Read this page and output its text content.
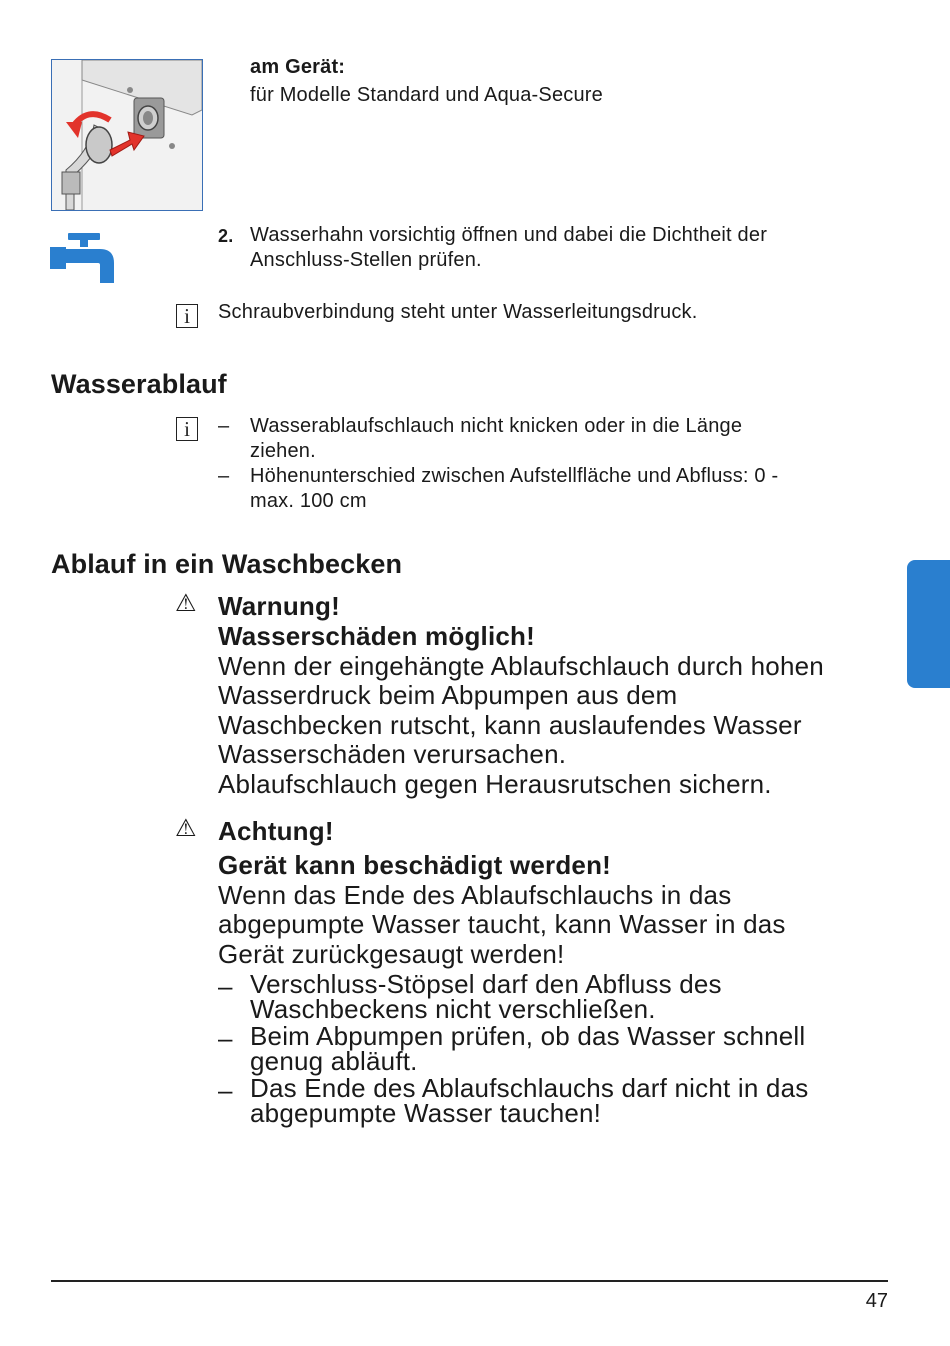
am Gerät:
für Modelle Standard und Aqua-Secure
2. Wasserhahn vorsichtig öffnen und dabei die Dichtheit der
Anschluss-Stellen prüfen.
i	Schraubverbindung steht unter Wasserleitungsdruck.
Wasserablauf
i	–	Wasserablaufschlauch nicht knicken oder in die Länge
ziehen.
–	Höhenunterschied zwischen Aufstellfläche und Abfluss: 0 -
max. 100 cm
Ablauf in ein Waschbecken
⚠ Warnung!
Wasserschäden möglich!
Wenn der eingehängte Ablaufschlauch durch hohen
Wasserdruck beim Abpumpen aus dem
Waschbecken rutscht, kann auslaufendes Wasser
Wasserschäden verursachen.
Ablaufschlauch gegen Herausrutschen sichern.
⚠ Achtung!
Gerät kann beschädigt werden!
Wenn das Ende des Ablaufschlauchs in das
abgepumpte Wasser taucht, kann Wasser in das
Gerät zurückgesaugt werden!
– Verschluss-Stöpsel darf den Abfluss des
Waschbeckens nicht verschließen.
– Beim Abpumpen prüfen, ob das Wasser schnell
genug abläuft.
– Das Ende des Ablaufschlauchs darf nicht in das
abgepumpte Wasser tauchen!
47
